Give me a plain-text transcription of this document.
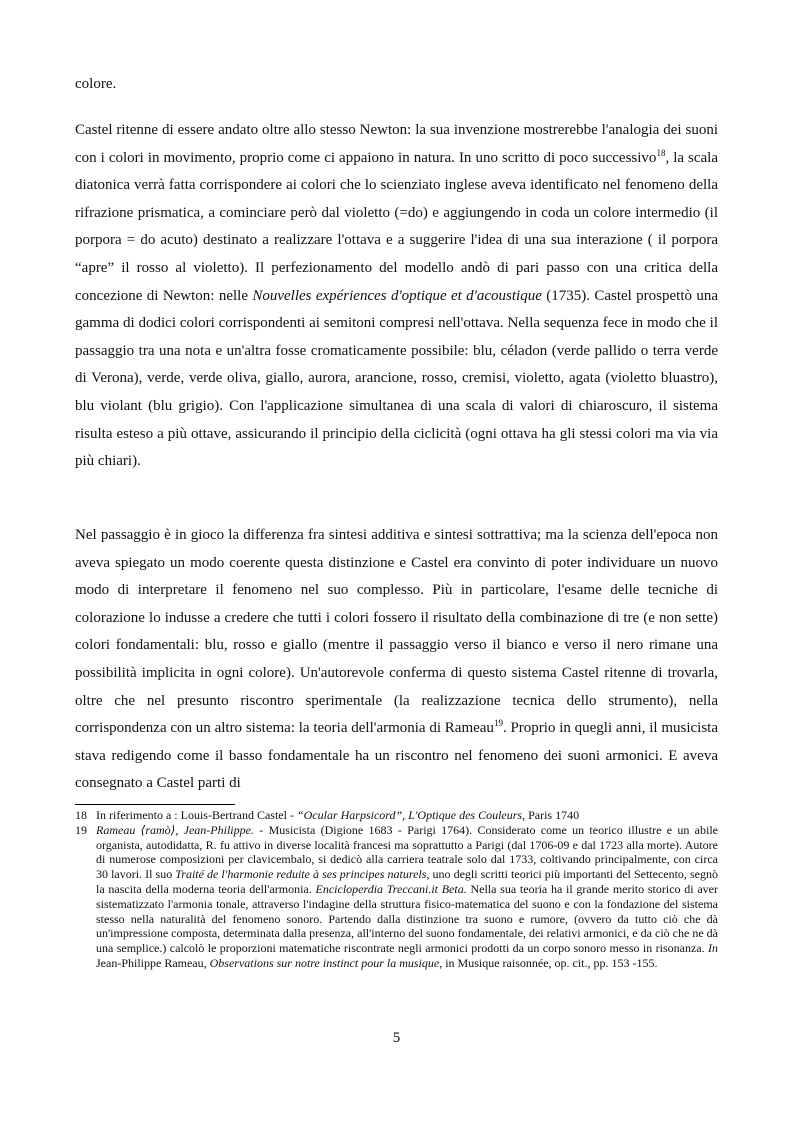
colore.

Castel ritenne di essere andato oltre allo stesso Newton: la sua invenzione mostrerebbe l'analogia dei suoni con i colori in movimento, proprio come ci appaiono in natura. In uno scritto di poco successivo$^{18}$, la scala diatonica verrà fatta corrispondere ai colori che lo scienziato inglese aveva identificato nel fenomeno della rifrazione prismatica, a cominciare però dal violetto (=do) e aggiungendo in coda un colore intermedio (il porpora = do acuto) destinato a realizzare l'ottava e a suggerire l'idea di una sua interazione ( il porpora “apre” il rosso al violetto). Il perfezionamento del modello andò di pari passo con una critica della concezione di Newton: nelle Nouvelles expériences d'optique et d'acoustique (1735). Castel prospettò una gamma di dodici colori corrispondenti ai semitoni compresi nell'ottava. Nella sequenza fece in modo che il passaggio tra una nota e un'altra fosse cromaticamente possibile: blu, céladon (verde pallido o terra verde di Verona), verde, verde oliva, giallo, aurora, arancione, rosso, cremisi, violetto, agata (violetto bluastro), blu violant (blu grigio). Con l'applicazione simultanea di una scala di valori di chiaroscuro, il sistema risulta esteso a più ottave, assicurando il principio della ciclicità (ogni ottava ha gli stessi colori ma via via più chiari).

Nel passaggio è in gioco la differenza fra sintesi additiva e sintesi sottrattiva; ma la scienza dell'epoca non aveva spiegato un modo coerente questa distinzione e Castel era convinto di poter individuare un nuovo modo di interpretare il fenomeno nel suo complesso. Più in particolare, l'esame delle tecniche di colorazione lo indusse a credere che tutti i colori fossero il risultato della combinazione di tre (e non sette) colori fondamentali: blu, rosso e giallo (mentre il passaggio verso il bianco e verso il nero rimane una possibilità implicita in ogni colore). Un'autorevole conferma di questo sistema Castel ritenne di trovarla, oltre che nel presunto riscontro sperimentale (la realizzazione tecnica dello strumento), nella corrispondenza con un altro sistema: la teoria dell'armonia di Rameau$^{19}$. Proprio in quegli anni, il musicista stava redigendo come il basso fondamentale ha un riscontro nel fenomeno dei suoni armonici. E aveva consegnato a Castel parti di

18 In riferimento a : Louis-Bertrand Castel - “Ocular Harpsicord”, L'Optique des Couleurs, Paris 1740
19 Rameau ⟨ramò⟩, Jean-Philippe. - Musicista (Digione 1683 - Parigi 1764). Considerato come un teorico illustre e un abile organista, autodidatta, R. fu attivo in diverse località francesi ma soprattutto a Parigi (dal 1706-09 e dal 1723 alla morte). Autore di numerose composizioni per clavicembalo, si dedicò alla carriera teatrale solo dal 1733, coltivando principalmente, con circa 30 lavori. Il suo Traité de l'harmonie reduite à ses principes naturels, uno degli scritti teorici più importanti del Settecento, segnò la nascita della moderna teoria dell'armonia. Encicloperdia Treccani.it Beta. Nella sua teoria ha il grande merito storico di aver sistematizzato l'armonia tonale, attraverso l'indagine della struttura fisico-matematica del suono e con la fondazione del sistema stesso nella naturalità del fenomeno sonoro. Partendo dalla distinzione tra suono e rumore, (ovvero da tutto ciò che dà un'impressione composta, determinata dalla presenza, all'interno del suono fondamentale, dei relativi armonici, e da ciò che ne dà una semplice.) calcolò le proporzioni matematiche riscontrate negli armonici prodotti da un corpo sonoro messo in risonanza. In Jean-Philippe Rameau, Observations sur notre instinct pour la musique, in Musique raisonnée, op. cit., pp. 153 -155.
5
